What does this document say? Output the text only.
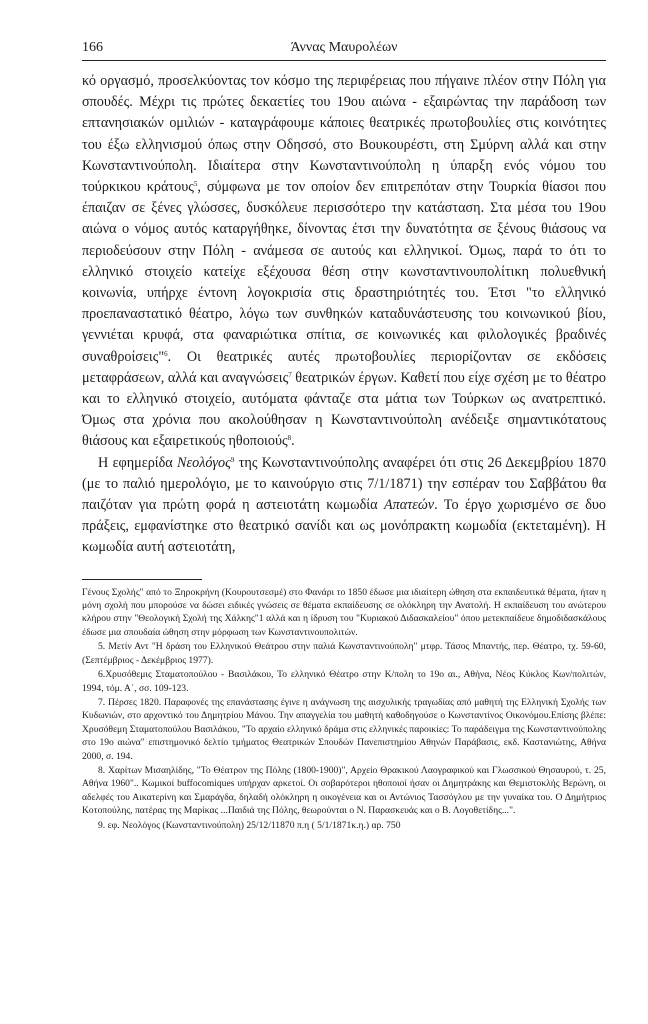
166	Άννας Μαυρολέων

κό οργασμό, προσελκύοντας τον κόσμο της περιφέρειας που πήγαινε πλέον στην Πόλη για σπουδές. Μέχρι τις πρώτες δεκαετίες του 19ου αιώνα - εξαιρώντας την παράδοση των επτανησιακών ομιλιών - καταγράφουμε κάποιες θεατρικές πρωτοβουλίες στις κοινότητες του έξω ελληνισμού όπως στην Οδησσό, στο Βουκουρέστι, στη Σμύρνη αλλά και στην Κωνσταντινούπολη. Ιδιαίτερα στην Κωνσταντινούπολη η ύπαρξη ενός νόμου του τούρκικου κράτους$^5$, σύμφωνα με τον οποίον δεν επιτρεπόταν στην Τουρκία θίασοι που έπαιζαν σε ξένες γλώσσες, δυσκόλευε περισσότερο την κατάσταση. Στα μέσα του 19ου αιώνα ο νόμος αυτός καταργήθηκε, δίνοντας έτσι την δυνατότητα σε ξένους θιάσους να περιοδεύσουν στην Πόλη - ανάμεσα σε αυτούς και ελληνικοί. Όμως, παρά το ότι το ελληνικό στοιχείο κατείχε εξέχουσα θέση στην κωνσταντινουπολίτικη πολυεθνική κοινωνία, υπήρχε έντονη λογοκρισία στις δραστηριότητές του. Έτσι "το ελληνικό προεπαναστατικό θέατρο, λόγω των συνθηκών καταδυνάστευσης του κοινωνικού βίου, γεννιέται κρυφά, στα φαναριώτικα σπίτια, σε κοινωνικές και φιλολογικές βραδινές συναθροίσεις"$^6$. Οι θεατρικές αυτές πρωτοβουλίες περιορίζονταν σε εκδόσεις μεταφράσεων, αλλά και αναγνώσεις$^7$ θεατρικών έργων. Καθετί που είχε σχέση με το θέατρο και το ελληνικό στοιχείο, αυτόματα φάνταζε στα μάτια των Τούρκων ως ανατρεπτικό. Όμως στα χρόνια που ακολούθησαν η Κωνσταντινούπολη ανέδειξε σημαντικότατους θιάσους και εξαιρετικούς ηθοποιούς$^8$.

Η εφημερίδα Νεολόγος$^9$ της Κωνσταντινούπολης αναφέρει ότι στις 26 Δεκεμβρίου 1870 (με το παλιό ημερολόγιο, με το καινούργιο στις 7/1/1871) την εσπέραν του Σαββάτου θα παιζόταν για πρώτη φορά η αστειοτάτη κωμωδία Απατεών. Το έργο χωρισμένο σε δυο πράξεις, εμφανίστηκε στο θεατρικό σανίδι και ως μονόπρακτη κωμωδία (εκτεταμένη). Η κωμωδία αυτή αστειοτάτη,

Γένους Σχολής" από το Ξηροκρήνη (Κουρουτσεσμέ) στο Φανάρι το 1850 έδωσε μια ιδιαίτερη ώθηση στα εκπαιδευτικά θέματα, ήταν η μόνη σχολή που μπορούσε να δώσει ειδικές γνώσεις σε θέματα εκπαίδευσης σε ολόκληρη την Ανατολή. Η εκπαίδευση του ανώτερου κλήρου στην "Θεολογική Σχολή της Χάλκης"1 αλλά και η ίδρυση του "Κυριακού Διδασκαλείου" όπου μετεκπαίδευε δημοδιδασκάλους έδωσε μια σπουδαία ώθηση στην μόρφωση των Κωνσταντινουπολιτών.

5. Μετίν Αντ "Η δράση του Ελληνικού Θεάτρου στην παλιά Κωνσταντινούπολη" μτφρ. Τάσος Μπαντής, περ. Θέατρο, τχ. 59-60, (Σεπτέμβριος - Δεκέμβριος 1977).

6.Χρυσόθεμις Σταματοπούλου - Βασιλάκου, Το ελληνικό Θέατρο στην Κ/πολη το 19ο αι., Αθήνα, Νέος Κύκλος Κων/πολιτών, 1994, τόμ. Α΄, σσ. 109-123.

7. Πέρσες 1820. Παραφονές της επανάστασης έγινε η ανάγνωση της αισχυλικής τραγωδίας από μαθητή της Ελληνική Σχολής των Κυδωνιών, στο αρχοντικό του Δημητρίου Μάνου. Την απαγγελία του μαθητή καθοδηγούσε ο Κωνσταντίνος Οικονόμου.Επίσης βλέπε: Χρυσόθεμη Σταματοπούλου Βασιλάκου, "Το αρχαίο ελληνικό δράμα στις ελληνικές παροικίες: Το παράδειγμα της Κωνσταντινούπολης στο 19ο αιώνα" επιστημονικό δελτίο τμήματος Θεατρικών Σπουδών Πανεπιστημίου Αθηνών Παράβασις, εκδ. Καστανιώτης, Αθήνα 2000, σ. 194.

8. Χαρίτων Μισαηλίδης, "Το Θέατρον της Πόλης (1800-1900)", Αρχείο Θρακικού Λαογραφικού και Γλωσσικού Θησαυρού, τ. 25, Αθήνα 1960".. Κωμικοί buffocomiques υπήρχαν αρκετοί. Οι σοβαρότεροι ηθοποιοί ήσαν οι Δημητράκης και Θεμιστοκλής Βερώνη, οι αδελφές του Αικατερίνη και Σμαράγδα, δηλαδή ολόκληρη η οικογένεια και οι Αντώνιος Τασσόγλου με την γυναίκα του. Ο Δημήτριος Κοτοπούλης, πατέρας της Μαρίκας ...Παιδιά της Πόλης, θεωρούνται ο Ν. Παρασκευάς και ο Β. Λογοθετίδης...".

9. εφ. Νεολόγος (Κωνσταντινούπολη) 25/12/11870 π.η ( 5/1/1871κ.η.) αρ. 750
